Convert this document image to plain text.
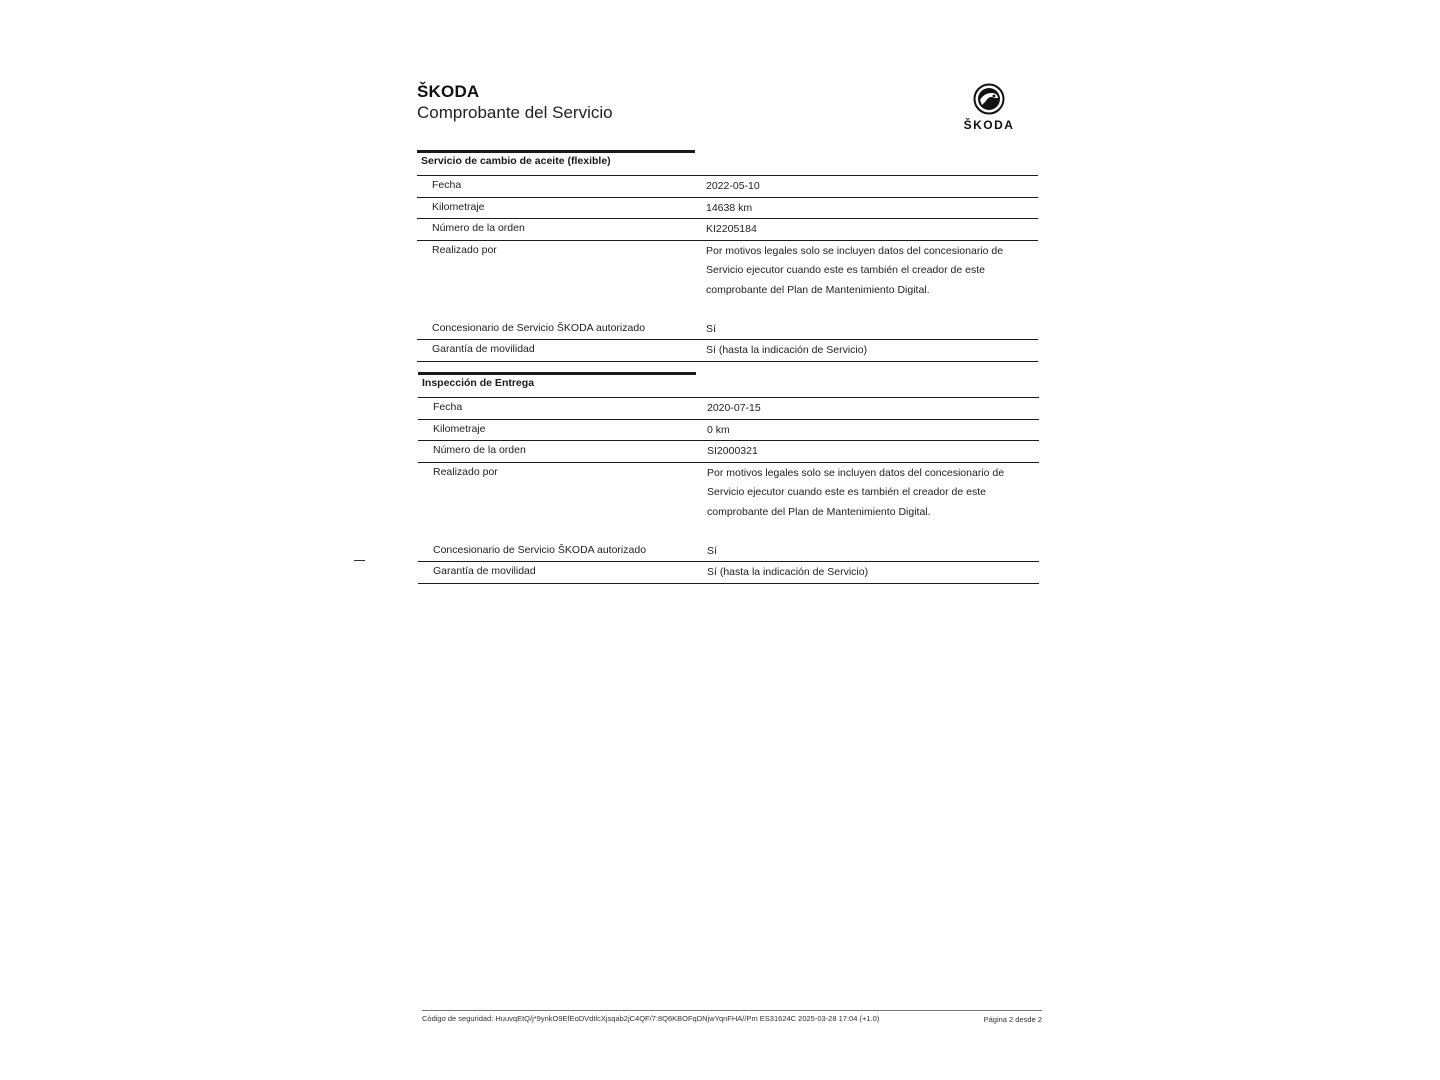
ŠKODA
Comprobante del Servicio
ŠKODA
Servicio de cambio de aceite (flexible)
Fecha	2022-05-10
Kilometraje	14638 km
Número de la orden	KI2205184
Realizado por	Por motivos legales solo se incluyen datos del concesionario de Servicio ejecutor cuando este es también el creador de este comprobante del Plan de Mantenimiento Digital.
Concesionario de Servicio ŠKODA autorizado	Sí
Garantía de movilidad	Sí (hasta la indicación de Servicio)
Inspección de Entrega
Fecha	2020-07-15
Kilometraje	0 km
Número de la orden	SI2000321
Realizado por	Por motivos legales solo se incluyen datos del concesionario de Servicio ejecutor cuando este es también el creador de este comprobante del Plan de Mantenimiento Digital.
Concesionario de Servicio ŠKODA autorizado	Sí
Garantía de movilidad	Sí (hasta la indicación de Servicio)
Código de seguridad: HuuvqEtQ/j*9ynkO9EfEoDVdtlcXjsqab2jC4QF/7:8Q6KBOFqDNjwYqnFHA//Pm ES31624C 2025-03-28 17:04 (+1.0)	Página 2 desde 2
